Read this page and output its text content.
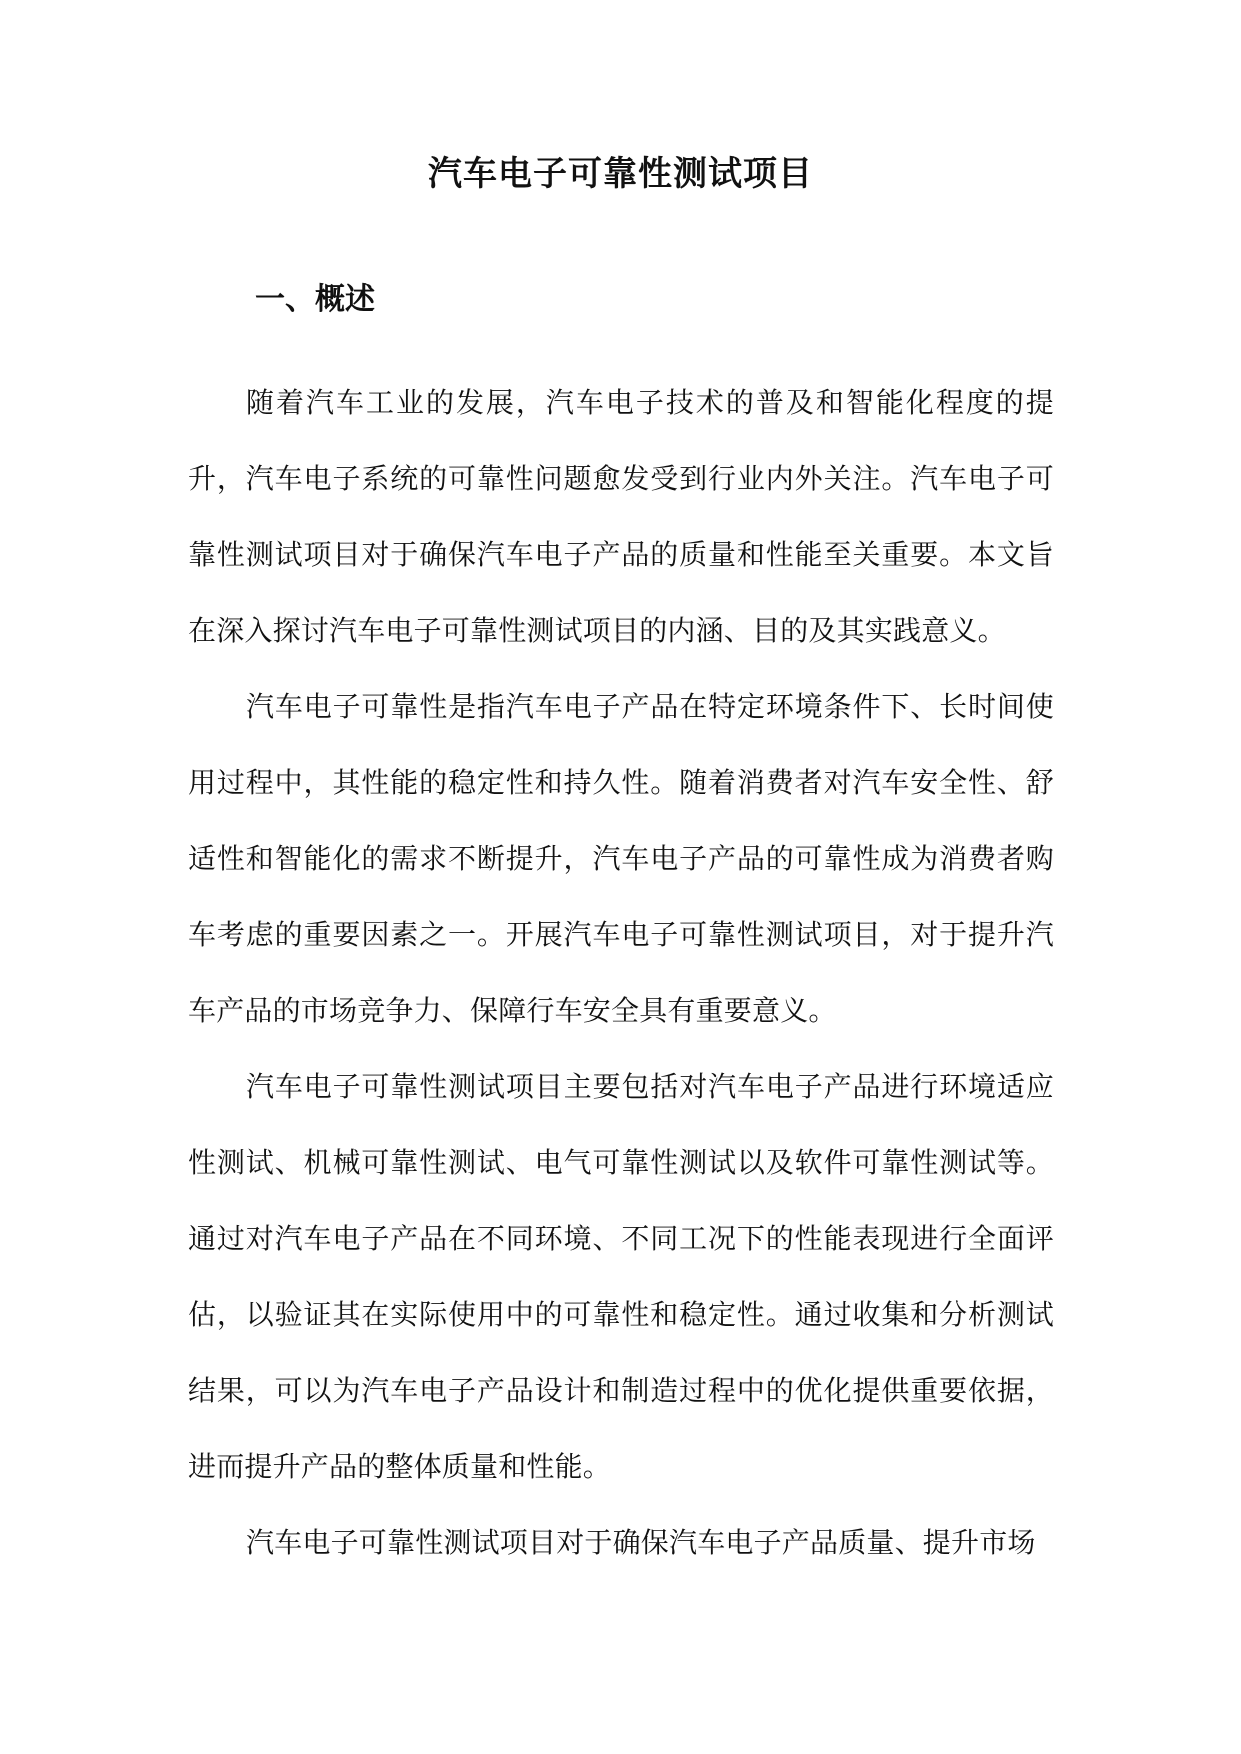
汽车电子可靠性测试项目
一、概述

随着汽车工业的发展，汽车电子技术的普及和智能化程度的提升，汽车电子系统的可靠性问题愈发受到行业内外关注。汽车电子可靠性测试项目对于确保汽车电子产品的质量和性能至关重要。本文旨在深入探讨汽车电子可靠性测试项目的内涵、目的及其实践意义。

汽车电子可靠性是指汽车电子产品在特定环境条件下、长时间使用过程中，其性能的稳定性和持久性。随着消费者对汽车安全性、舒适性和智能化的需求不断提升，汽车电子产品的可靠性成为消费者购车考虑的重要因素之一。开展汽车电子可靠性测试项目，对于提升汽车产品的市场竞争力、保障行车安全具有重要意义。

汽车电子可靠性测试项目主要包括对汽车电子产品进行环境适应性测试、机械可靠性测试、电气可靠性测试以及软件可靠性测试等。通过对汽车电子产品在不同环境、不同工况下的性能表现进行全面评估，以验证其在实际使用中的可靠性和稳定性。通过收集和分析测试结果，可以为汽车电子产品设计和制造过程中的优化提供重要依据，进而提升产品的整体质量和性能。

汽车电子可靠性测试项目对于确保汽车电子产品质量、提升市场
